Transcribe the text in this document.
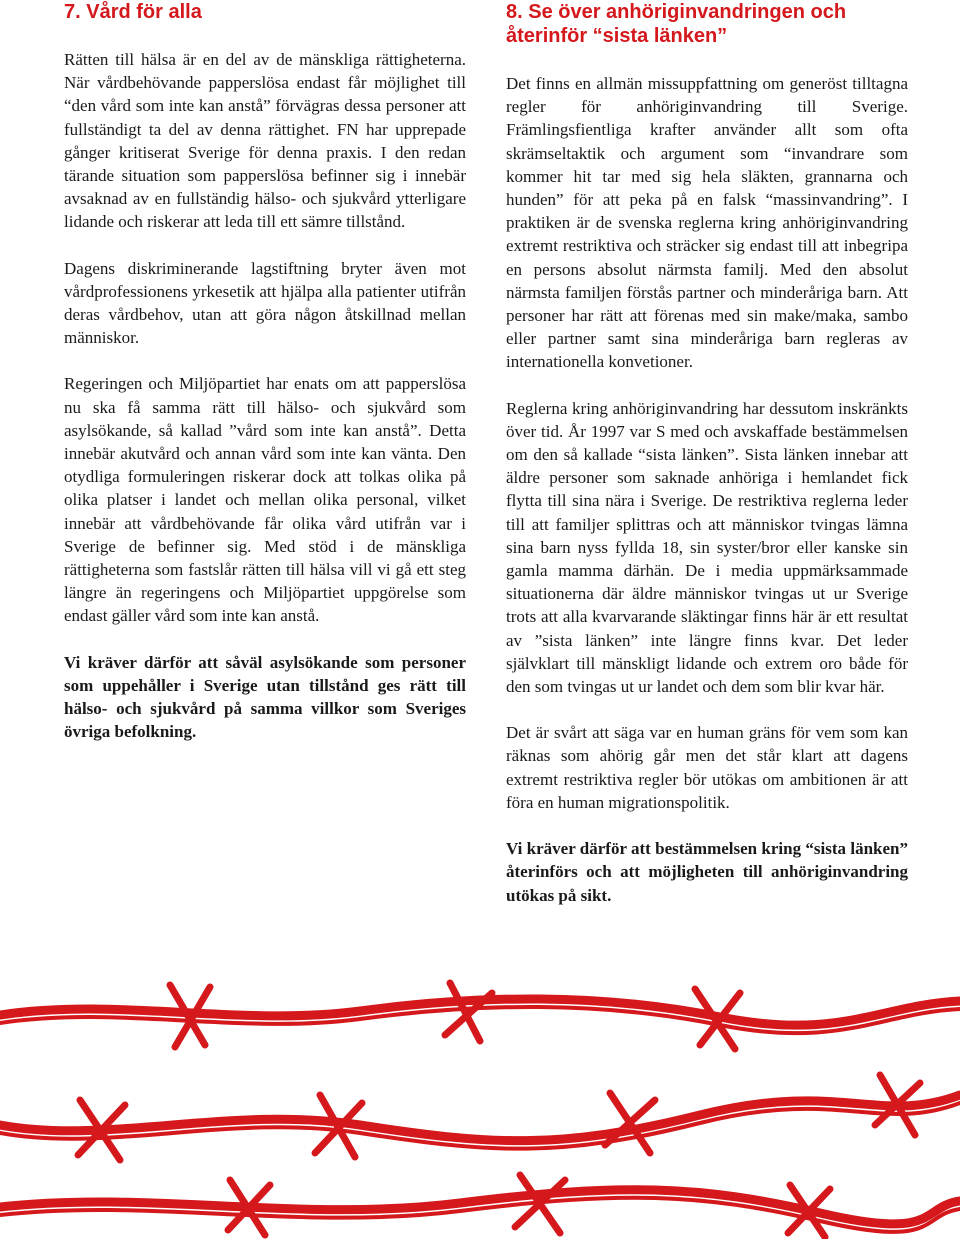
7. Vård för alla

Rätten till hälsa är en del av de mänskliga rättigheterna. När vårdbehövande papperslösa endast får möjlighet till “den vård som inte kan anstå” förvägras dessa personer att fullständigt ta del av denna rättighet. FN har upprepade gånger kritiserat Sverige för denna praxis. I den redan tärande situation som papperslösa befinner sig i innebär avsaknad av en fullständig hälso- och sjukvård ytterligare lidande och riskerar att leda till ett sämre tillstånd.

Dagens diskriminerande lagstiftning bryter även mot vårdprofessionens yrkesetik att hjälpa alla patienter utifrån deras vårdbehov, utan att göra någon åtskillnad mellan människor.

Regeringen och Miljöpartiet har enats om att papperslösa nu ska få samma rätt till hälso- och sjukvård som asylsökande, så kallad ”vård som inte kan anstå”. Detta innebär akutvård och annan vård som inte kan vänta. Den otydliga formuleringen riskerar dock att tolkas olika på olika platser i landet och mellan olika personal, vilket innebär att vårdbehövande får olika vård utifrån var i Sverige de befinner sig. Med stöd i de mänskliga rättigheterna som fastslår rätten till hälsa vill vi gå ett steg längre än regeringens och Miljöpartiet uppgörelse som endast gäller vård som inte kan anstå.

Vi kräver därför att såväl asylsökande som personer som uppehåller i Sverige utan tillstånd ges rätt till hälso- och sjukvård på samma villkor som Sveriges övriga befolkning.

8. Se över anhöriginvandringen och
återinför “sista länken”

Det finns en allmän missuppfattning om generöst tilltagna regler för anhöriginvandring till Sverige. Främlingsfientliga krafter använder allt som ofta skrämseltaktik och argument som “invandrare som kommer hit tar med sig hela släkten, grannarna och hunden” för att peka på en falsk “massinvandring”. I praktiken är de svenska reglerna kring anhöriginvandring extremt restriktiva och sträcker sig endast till att inbegripa en persons absolut närmsta familj. Med den absolut närmsta familjen förstås partner och minderåriga barn. Att personer har rätt att förenas med sin make/maka, sambo eller partner samt sina minderåriga barn regleras av internationella konvetioner.

Reglerna kring anhöriginvandring har dessutom inskränkts över tid. År 1997 var S med och avskaffade bestämmelsen om den så kallade “sista länken”. Sista länken innebar att äldre personer som saknade anhöriga i hemlandet fick flytta till sina nära i Sverige. De restriktiva reglerna leder till att familjer splittras och att människor tvingas lämna sina barn nyss fyllda 18, sin syster/bror eller kanske sin gamla mamma därhän. De i media uppmärksammade situationerna där äldre människor tvingas ut ur Sverige trots att alla kvarvarande släktingar finns här är ett resultat av ”sista länken” inte längre finns kvar. Det leder självklart till mänskligt lidande och extrem oro både för den som tvingas ut ur landet och dem som blir kvar här.

Det är svårt att säga var en human gräns för vem som kan räknas som ahörig går men det står klart att dagens extremt restriktiva regler bör utökas om ambitionen är att föra en human migrationspolitik.

Vi kräver därför att bestämmelsen kring “sista länken” återinförs och att möjligheten till anhöriginvandring utökas på sikt.
